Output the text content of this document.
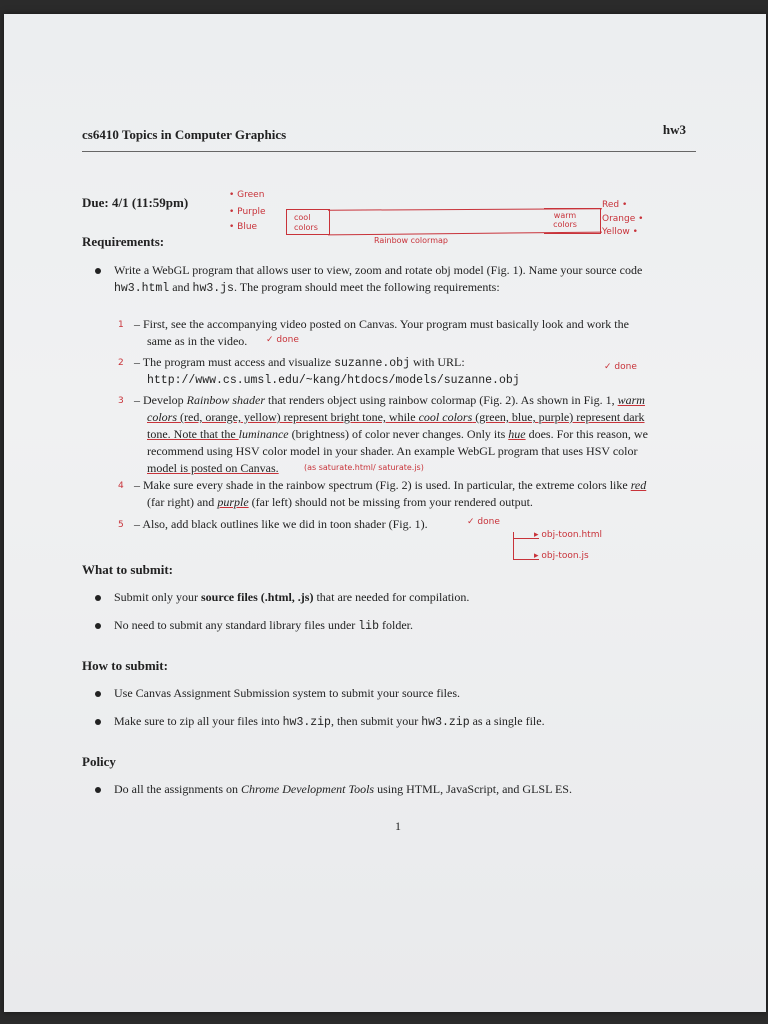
cs6410 Topics in Computer Graphics	hw3
Due: 4/1 (11:59pm)	• Green
• Purple
• Blue
cool colors
warm colors
Red •
Orange •
Yellow •
Rainbow colormap
Requirements:
Write a WebGL program that allows user to view, zoom and rotate obj model (Fig. 1). Name your source code
hw3.html and hw3.js. The program should meet the following requirements:
1 – First, see the accompanying video posted on Canvas. Your program must basically look and work the
same as in the video. ✓ done
2 – The program must access and visualize suzanne.obj with URL:
http://www.cs.umsl.edu/~kang/htdocs/models/suzanne.obj
✓ done
3 – Develop Rainbow shader that renders object using rainbow colormap (Fig. 2). As shown in Fig. 1, warm
colors (red, orange, yellow) represent bright tone, while cool colors (green, blue, purple) represent dark
tone. Note that the luminance (brightness) of color never changes. Only its hue does. For this reason, we
recommend using HSV color model in your shader. An example WebGL program that uses HSV color
model is posted on Canvas.	(as saturate.html/ saturate.js)
4 – Make sure every shade in the rainbow spectrum (Fig. 2) is used. In particular, the extreme colors like red
(far right) and purple (far left) should not be missing from your rendered output.
5 – Also, add black outlines like we did in toon shader (Fig. 1).	✓ done
▸ obj-toon.html
▸ obj-toon.js
What to submit:
Submit only your source files (.html, .js) that are needed for compilation.
No need to submit any standard library files under lib folder.
How to submit:
Use Canvas Assignment Submission system to submit your source files.
Make sure to zip all your files into hw3.zip, then submit your hw3.zip as a single file.
Policy
Do all the assignments on Chrome Development Tools using HTML, JavaScript, and GLSL ES.
1
